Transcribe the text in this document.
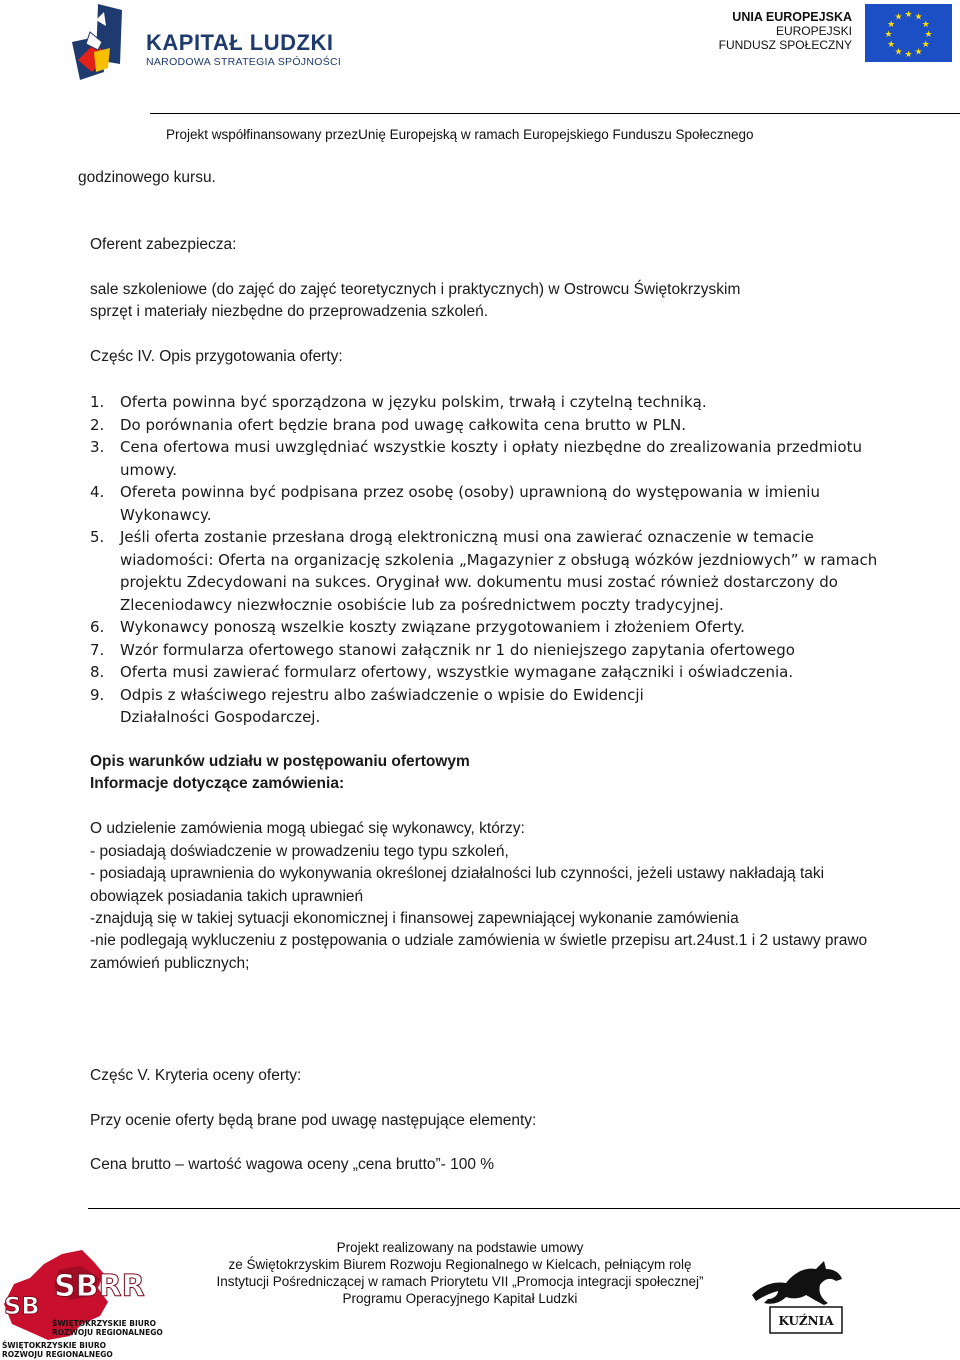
KAPITAŁ LUDZKI
NARODOWA STRATEGIA SPÓJNOŚCI
UNIA EUROPEJSKA
EUROPEJSKI
FUNDUSZ SPOŁECZNY
★ ★
★
★
★
★
★
★
★
★
★
★
Projekt współfinansowany przezUnię Europejską w ramach Europejskiego Funduszu Społecznego
godzinowego kursu.
Oferent zabezpiecza:
sale szkoleniowe (do zajęć do zajęć teoretycznych i praktycznych) w Ostrowcu Świętokrzyskim
sprzęt i materiały niezbędne do przeprowadzenia szkoleń.
Częśc IV. Opis przygotowania oferty:
1. Oferta powinna być sporządzona w języku polskim, trwałą i czytelną techniką.
2. Do porównania ofert będzie brana pod uwagę całkowita cena brutto w PLN.
3. Cena ofertowa musi uwzględniać wszystkie koszty i opłaty niezbędne do zrealizowania przedmiotu umowy.
4. Ofereta powinna być podpisana przez osobę (osoby) uprawnioną do występowania w imieniu Wykonawcy.
5. Jeśli oferta zostanie przesłana drogą elektroniczną musi ona zawierać oznaczenie w temacie wiadomości: Oferta na organizację szkolenia „Magazynier z obsługą wózków jezdniowych” w ramach projektu Zdecydowani na sukces. Oryginał ww. dokumentu musi zostać również dostarczony do Zleceniodawcy niezwłocznie osobiście lub za pośrednictwem poczty tradycyjnej.
6. Wykonawcy ponoszą wszelkie koszty związane przygotowaniem i złożeniem Oferty.
7. Wzór formularza ofertowego stanowi załącznik nr 1 do nieniejszego zapytania ofertowego
8. Oferta musi zawierać formularz ofertowy, wszystkie wymagane załączniki i oświadczenia.
9. Odpis z właściwego rejestru albo zaświadczenie o wpisie do Ewidencji Działalności Gospodarczej.
Opis warunków udziału w postępowaniu ofertowym
Informacje dotyczące zamówienia:
O udzielenie zamówienia mogą ubiegać się wykonawcy, którzy:
- posiadają doświadczenie w prowadzeniu tego typu szkoleń,
- posiadają uprawnienia do wykonywania określonej działalności lub czynności, jeżeli ustawy nakładają taki obowiązek posiadania takich uprawnień
-znajdują się w takiej sytuacji ekonomicznej i finansowej zapewniającej wykonanie zamówienia
-nie podlegają wykluczeniu z postępowania o udziale zamówienia w świetle przepisu art.24ust.1 i 2 ustawy prawo zamówień publicznych;
Częśc V. Kryteria oceny oferty:
Przy ocenie oferty będą brane pod uwagę następujące elementy:
Cena brutto – wartość wagowa oceny „cena brutto”- 100 %
Projekt realizowany na podstawie umowy
ze Świętokrzyskim Biurem Rozwoju Regionalnego w Kielcach, pełniącym rolę
Instytucji Pośredniczącej w ramach Priorytetu VII „Promocja integracji społecznej”
Programu Operacyjnego Kapitał Ludzki
SBRR
SB
ŚWIĘTOKRZYSKIE BIURO
ROZWOJU REGIONALNEGO
ŚWIĘTOKRZYSKIE BIURO
ROZWOJU REGIONALNEGO
KUŹNIA
